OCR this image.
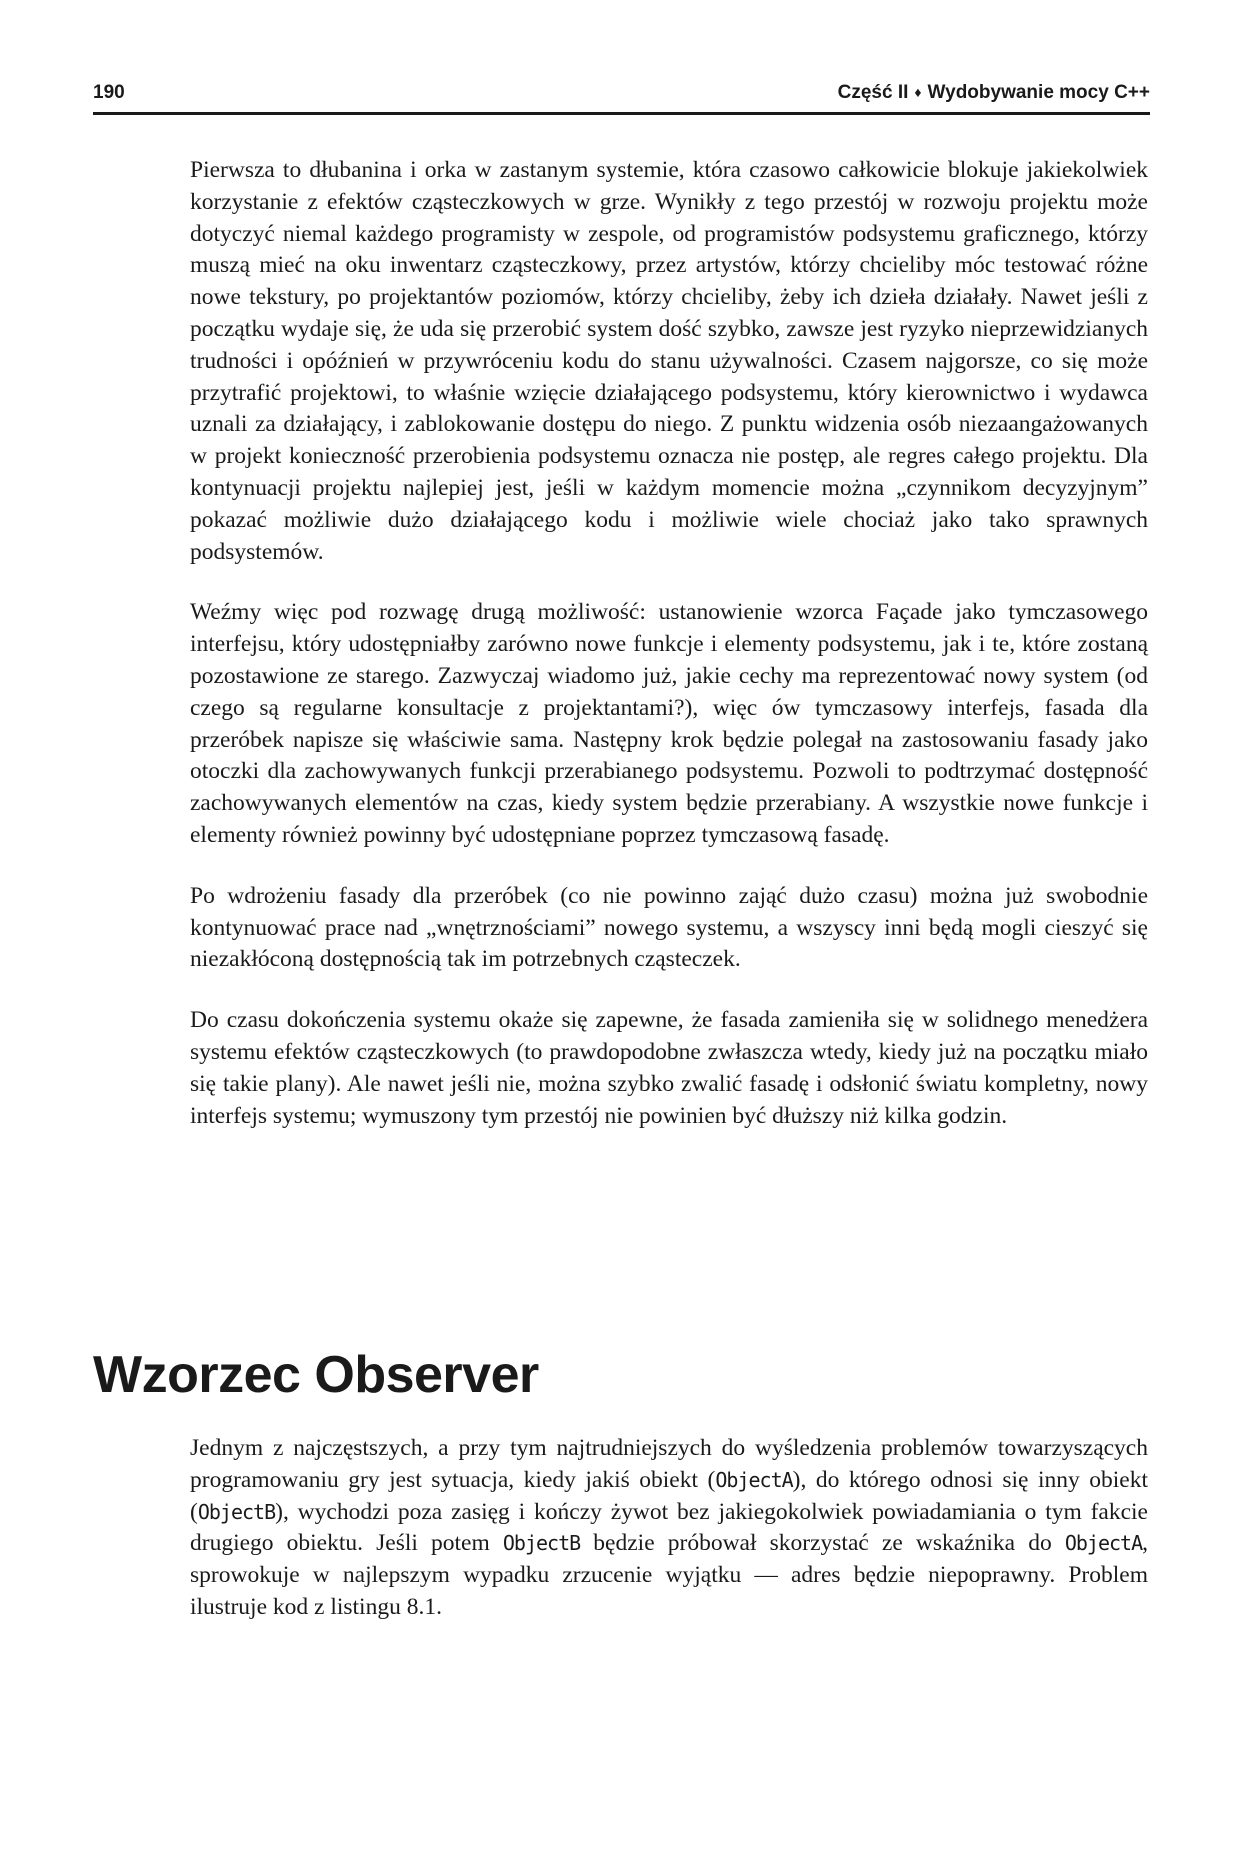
190	Część II ♦ Wydobywanie mocy C++

Pierwsza to dłubanina i orka w zastanym systemie, która czasowo całkowicie blokuje jakiekolwiek korzystanie z efektów cząsteczkowych w grze. Wynikły z tego przestój w rozwoju projektu może dotyczyć niemal każdego programisty w zespole, od programistów podsystemu graficznego, którzy muszą mieć na oku inwentarz cząsteczkowy, przez artystów, którzy chcieliby móc testować różne nowe tekstury, po projektantów poziomów, którzy chcieliby, żeby ich dzieła działały. Nawet jeśli z początku wydaje się, że uda się przerobić system dość szybko, zawsze jest ryzyko nieprzewidzianych trudności i opóźnień w przywróceniu kodu do stanu używalności. Czasem najgorsze, co się może przytrafić projektowi, to właśnie wzięcie działającego podsystemu, który kierownictwo i wydawca uznali za działający, i zablokowanie dostępu do niego. Z punktu widzenia osób niezaangażowanych w projekt konieczność przerobienia podsystemu oznacza nie postęp, ale regres całego projektu. Dla kontynuacji projektu najlepiej jest, jeśli w każdym momencie można „czynnikom decyzyjnym” pokazać możliwie dużo działającego kodu i możliwie wiele chociaż jako tako sprawnych podsystemów.

Weźmy więc pod rozwagę drugą możliwość: ustanowienie wzorca Façade jako tymczasowego interfejsu, który udostępniałby zarówno nowe funkcje i elementy podsystemu, jak i te, które zostaną pozostawione ze starego. Zazwyczaj wiadomo już, jakie cechy ma reprezentować nowy system (od czego są regularne konsultacje z projektantami?), więc ów tymczasowy interfejs, fasada dla przeróbek napisze się właściwie sama. Następny krok będzie polegał na zastosowaniu fasady jako otoczki dla zachowywanych funkcji przerabianego podsystemu. Pozwoli to podtrzymać dostępność zachowywanych elementów na czas, kiedy system będzie przerabiany. A wszystkie nowe funkcje i elementy również powinny być udostępniane poprzez tymczasową fasadę.

Po wdrożeniu fasady dla przeróbek (co nie powinno zająć dużo czasu) można już swobodnie kontynuować prace nad „wnętrznościami” nowego systemu, a wszyscy inni będą mogli cieszyć się niezakłóconą dostępnością tak im potrzebnych cząsteczek.

Do czasu dokończenia systemu okaże się zapewne, że fasada zamieniła się w solidnego menedżera systemu efektów cząsteczkowych (to prawdopodobne zwłaszcza wtedy, kiedy już na początku miało się takie plany). Ale nawet jeśli nie, można szybko zwalić fasadę i odsłonić światu kompletny, nowy interfejs systemu; wymuszony tym przestój nie powinien być dłuższy niż kilka godzin.

Wzorzec Observer

Jednym z najczęstszych, a przy tym najtrudniejszych do wyśledzenia problemów towarzyszących programowaniu gry jest sytuacja, kiedy jakiś obiekt (ObjectA), do którego odnosi się inny obiekt (ObjectB), wychodzi poza zasięg i kończy żywot bez jakiegokolwiek powiadamiania o tym fakcie drugiego obiektu. Jeśli potem ObjectB będzie próbował skorzystać ze wskaźnika do ObjectA, sprowokuje w najlepszym wypadku zrzucenie wyjątku — adres będzie niepoprawny. Problem ilustruje kod z listingu 8.1.
